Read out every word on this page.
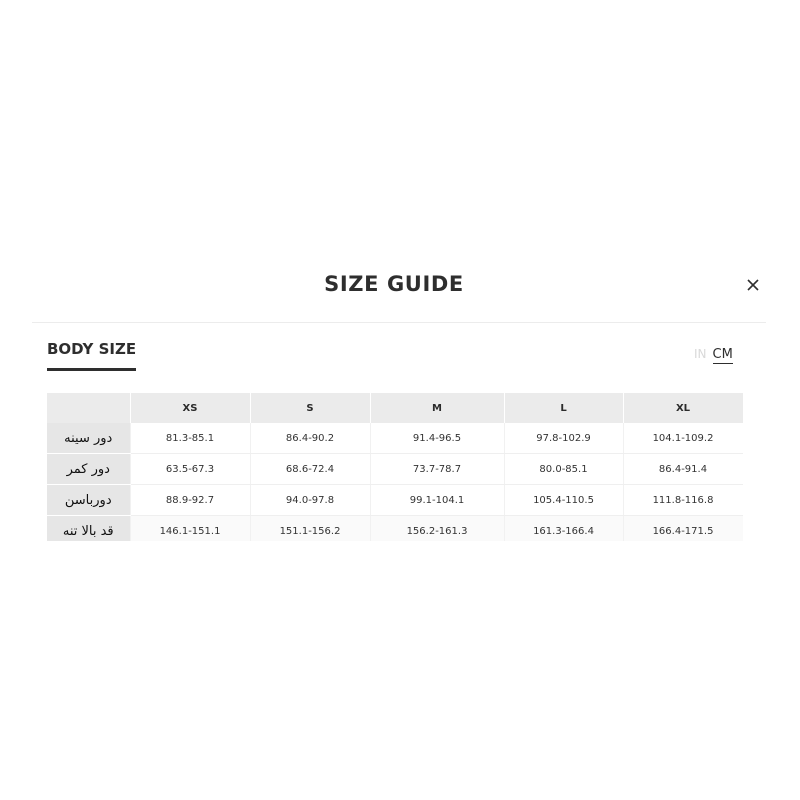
SIZE GUIDE
BODY SIZE	IN CM
	XS	S	M	L	XL
دور سینه	81.3-85.1	86.4-90.2	91.4-96.5	97.8-102.9	104.1-109.2
دور کمر	63.5-67.3	68.6-72.4	73.7-78.7	80.0-85.1	86.4-91.4
دورباسن	88.9-92.7	94.0-97.8	99.1-104.1	105.4-110.5	111.8-116.8
قد بالا تنه	146.1-151.1	151.1-156.2	156.2-161.3	161.3-166.4	166.4-171.5
